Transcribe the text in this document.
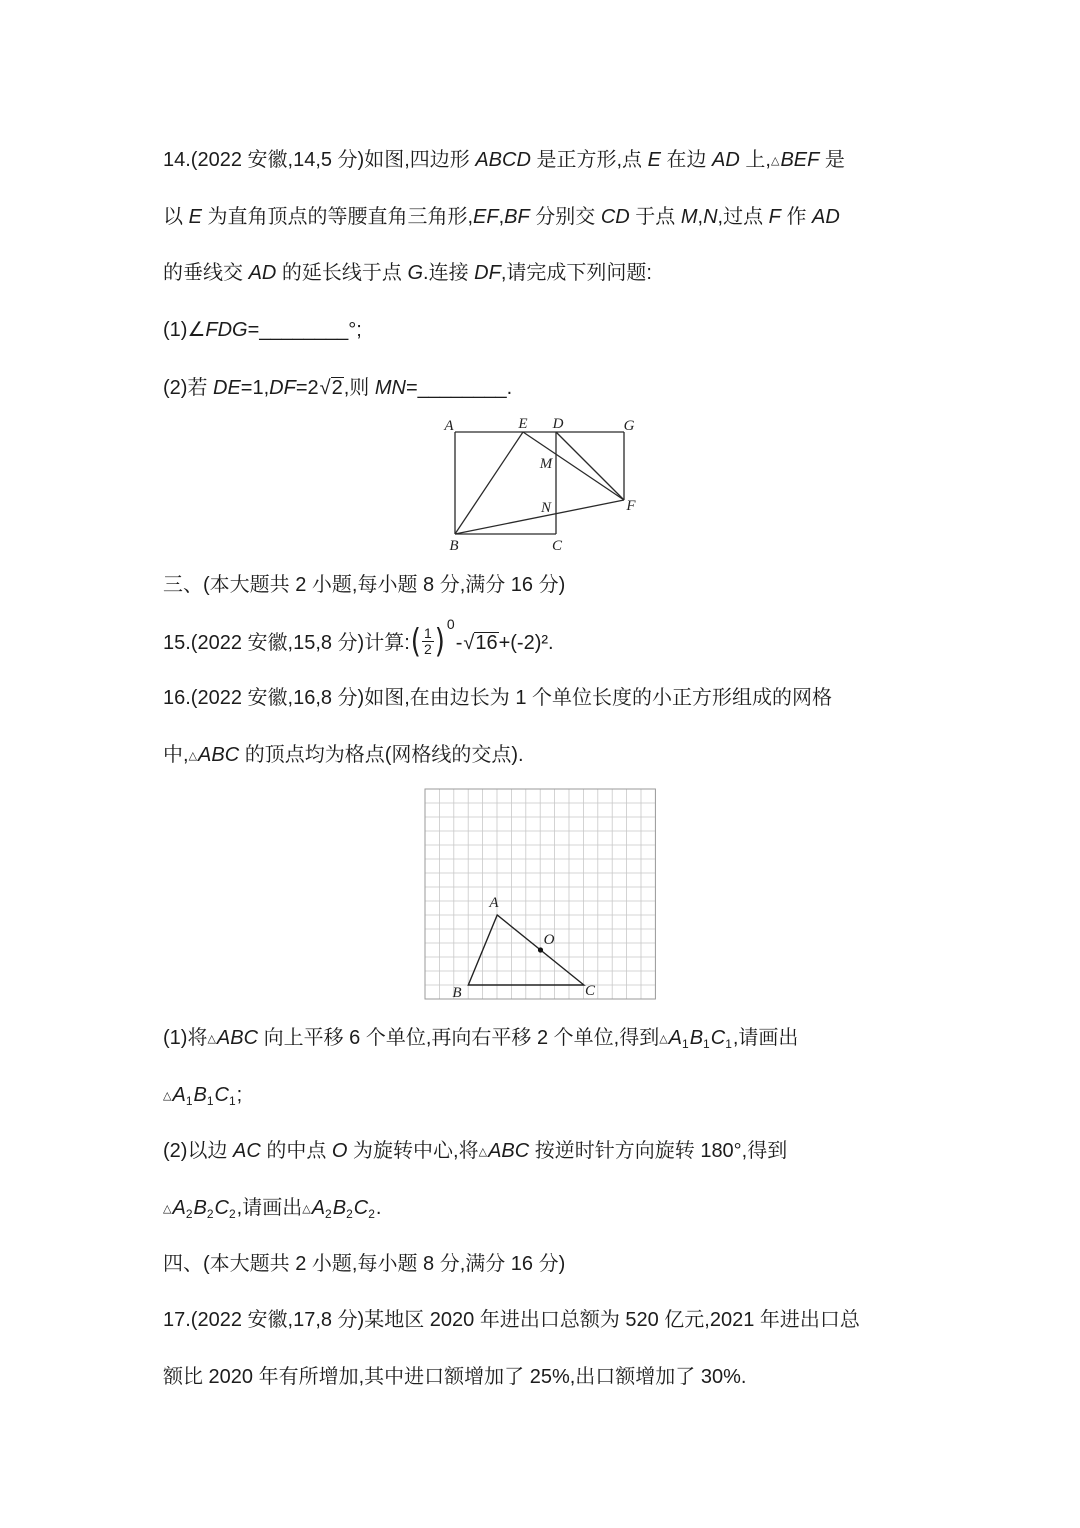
14.(2022 安徽,14,5 分)如图,四边形 ABCD 是正方形,点 E 在边 AD 上,△BEF 是
以 E 为直角顶点的等腰直角三角形,EF,BF 分别交 CD 于点 M,N,过点 F 作 AD
的垂线交 AD 的延长线于点 G.连接 DF,请完成下列问题:
(1)∠FDG=________°;
(2)若 DE=1,DF=2 √ 2,则 MN=________.
A	E D	G
M
N	F
B	C
三、(本大题共 2 小题,每小题 8 分,满分 16 分)
15.(2022 安徽,15,8 分)计算: ( $\frac{1}{2}$ ) 0
- √ 16+(-2)².
16.(2022 安徽,16,8 分)如图,在由边长为 1 个单位长度的小正方形组成的网格
中,△ABC 的顶点均为格点(网格线的交点).
A
O
B	C
(1)将△ABC 向上平移 6 个单位,再向右平移 2 个单位,得到$\triangle A_1B_1C_1$,请画出
$\triangle A_1B_1C_1$;
(2)以边 AC 的中点 O 为旋转中心,将△ABC 按逆时针方向旋转 180°,得到
$\triangle A_2B_2C_2$,请画出$\triangle A_2B_2C_2$.
四、(本大题共 2 小题,每小题 8 分,满分 16 分)
17.(2022 安徽,17,8 分)某地区 2020 年进出口总额为 520 亿元,2021 年进出口总
额比 2020 年有所增加,其中进口额增加了 25%,出口额增加了 30%.
